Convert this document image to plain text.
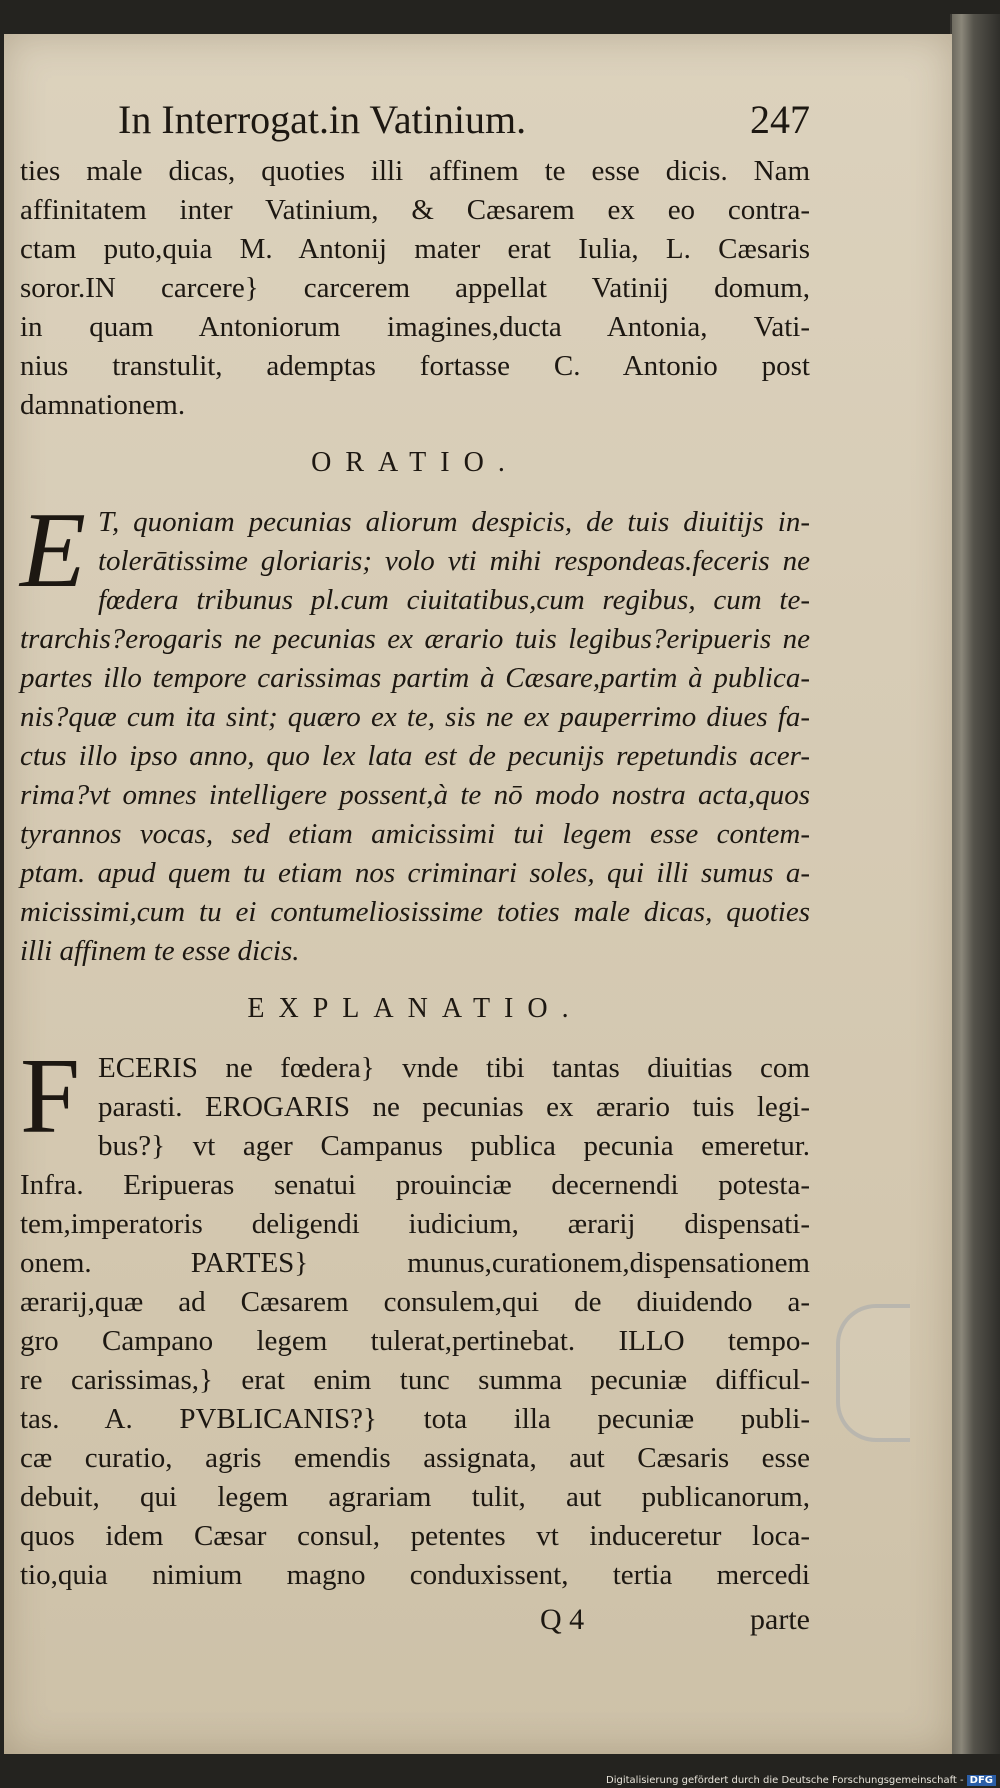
In Interrogat.in Vatinium.	247
ties male dicas, quoties illi affinem te esse dicis. Nam
affinitatem inter Vatinium, & Cæsarem ex eo contra-
ctam puto,quia M. Antonij mater erat Iulia, L. Cæsaris
soror.IN carcere} carcerem appellat Vatinij domum,
in quam Antoniorum imagines,ducta Antonia, Vati-
nius transtulit, ademptas fortasse C. Antonio post
damnationem.
ORATIO.
E T, quoniam pecunias aliorum despicis, de tuis diuitijs in-
tolerātissime gloriaris; volo vti mihi respondeas.feceris ne
fœdera tribunus pl.cum ciuitatibus,cum regibus, cum te-
trarchis?erogaris ne pecunias ex ærario tuis legibus?eripueris ne
partes illo tempore carissimas partim à Cæsare,partim à publica-
nis?quæ cum ita sint; quæro ex te, sis ne ex pauperrimo diues fa-
ctus illo ipso anno, quo lex lata est de pecunijs repetundis acer-
rima?vt omnes intelligere possent,à te nō modo nostra acta,quos
tyrannos vocas, sed etiam amicissimi tui legem esse contem-
ptam. apud quem tu etiam nos criminari soles, qui illi sumus a-
micissimi,cum tu ei contumeliosissime toties male dicas, quoties
illi affinem te esse dicis.
EXPLANATIO.
F ECERIS ne fœdera} vnde tibi tantas diuitias com
parasti. EROGARIS ne pecunias ex ærario tuis legi-
bus?} vt ager Campanus publica pecunia emeretur.
Infra. Eripueras senatui prouinciæ decernendi potesta-
tem,imperatoris deligendi iudicium, ærarij dispensati-
onem. PARTES} munus,curationem,dispensationem
ærarij,quæ ad Cæsarem consulem,qui de diuidendo a-
gro Campano legem tulerat,pertinebat. ILLO tempo-
re carissimas,} erat enim tunc summa pecuniæ difficul-
tas. A. PVBLICANIS?} tota illa pecuniæ publi-
cæ curatio, agris emendis assignata, aut Cæsaris esse
debuit, qui legem agrariam tulit, aut publicanorum,
quos idem Cæsar consul, petentes vt induceretur loca-
tio,quia nimium magno conduxissent, tertia mercedi
Q 4	parte
Digitalisierung gefördert durch die Deutsche Forschungsgemeinschaft - DFG
